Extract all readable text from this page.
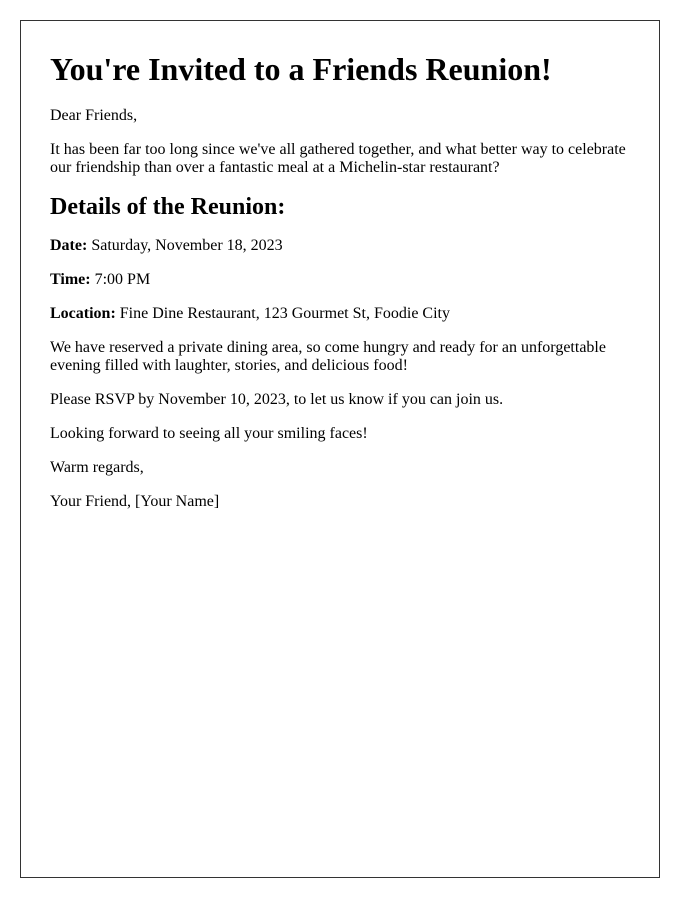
You're Invited to a Friends Reunion!

Dear Friends,

It has been far too long since we've all gathered together, and what better way to celebrate our friendship than over a fantastic meal at a Michelin-star restaurant?

Details of the Reunion:

Date: Saturday, November 18, 2023

Time: 7:00 PM

Location: Fine Dine Restaurant, 123 Gourmet St, Foodie City

We have reserved a private dining area, so come hungry and ready for an unforgettable evening filled with laughter, stories, and delicious food!

Please RSVP by November 10, 2023, to let us know if you can join us.

Looking forward to seeing all your smiling faces!

Warm regards,

Your Friend, [Your Name]
